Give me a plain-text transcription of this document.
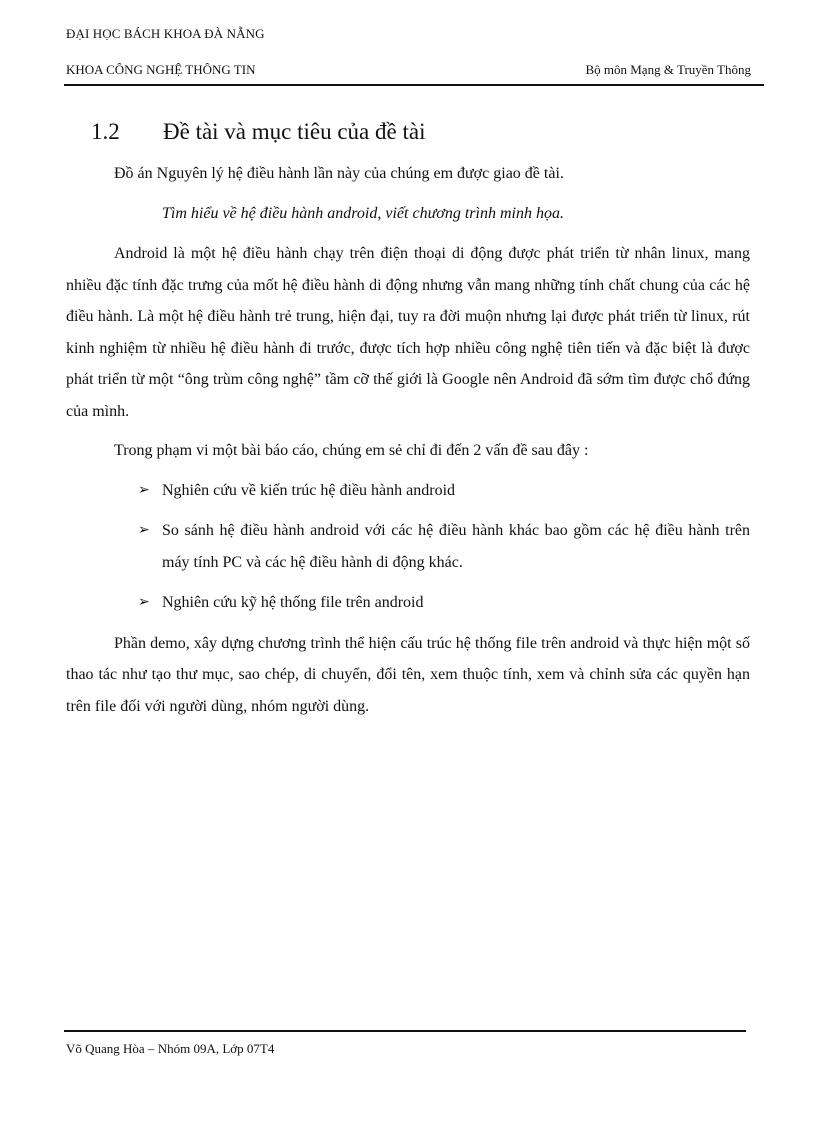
ĐẠI HỌC BÁCH KHOA ĐÀ NẴNG
KHOA CÔNG NGHỆ THÔNG TIN	Bộ môn Mạng & Truyền Thông
1.2	Đề tài và mục tiêu của đề tài

Đồ án Nguyên lý hệ điều hành lần này của chúng em được giao đề tài.

Tìm hiểu về hệ điều hành android, viết chương trình minh họa.

Android là một hệ điều hành chạy trên điện thoại di động được phát triển từ nhân linux, mang nhiều đặc tính đặc trưng của mốt hệ điều hành di động nhưng vẫn mang những tính chất chung của các hệ điều hành. Là một hệ điều hành trẻ trung, hiện đại, tuy ra đời muộn nhưng lại được phát triển từ linux, rút kinh nghiệm từ nhiều hệ điều hành đi trước, được tích hợp nhiều công nghệ tiên tiến và đặc biệt là được phát triển từ một “ông trùm công nghệ” tầm cỡ thế giới là Google nên Android đã sớm tìm được chổ đứng của mình.

Trong phạm vi một bài báo cáo, chúng em sẻ chỉ đi đến 2 vấn đề sau đây :

➢ Nghiên cứu về kiến trúc hệ điều hành android
➢ So sánh hệ điều hành android với các hệ điều hành khác bao gồm các hệ điều hành trên máy tính PC và các hệ điều hành di động khác.
➢ Nghiên cứu kỹ hệ thống file trên android

Phần demo, xây dựng chương trình thể hiện cấu trúc hệ thống file trên android và thực hiện một số thao tác như tạo thư mục, sao chép, di chuyển, đổi tên, xem thuộc tính, xem và chỉnh sửa các quyền hạn trên file đối với người dùng, nhóm người dùng.

Võ Quang Hòa – Nhóm 09A, Lớp 07T4
